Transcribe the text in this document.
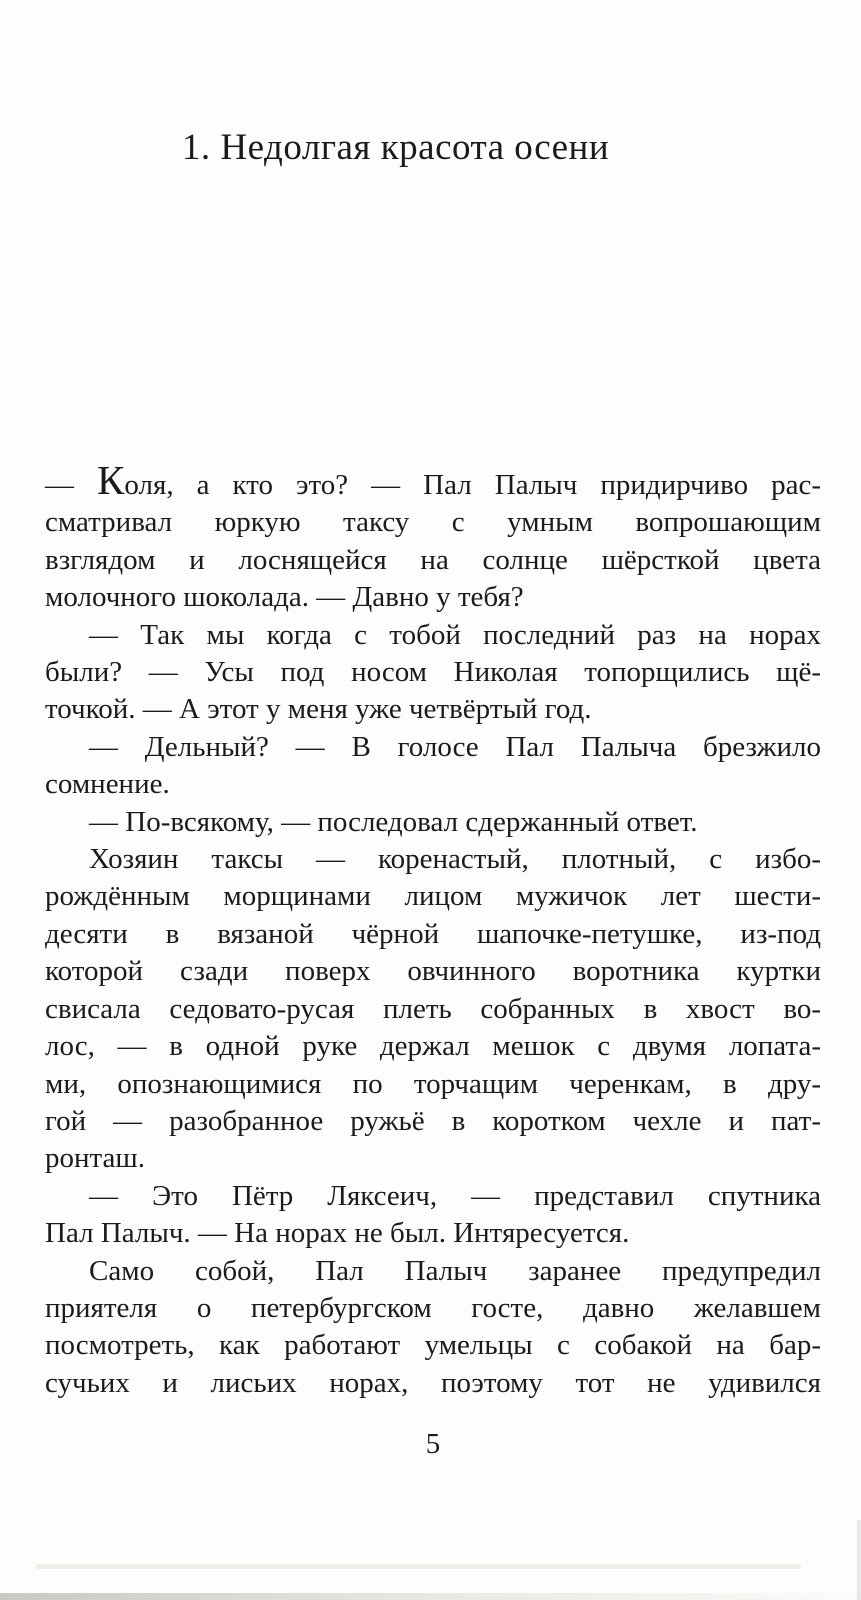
1. Недолгая красота осени
— Коля, а кто это? — Пал Палыч придирчиво рас-
сматривал юркую таксу с умным вопрошающим
взглядом и лоснящейся на солнце шёрсткой цвета
молочного шоколада. — Давно у тебя?
— Так мы когда с тобой последний раз на норах
были? — Усы под носом Николая топорщились щё-
точкой. — А этот у меня уже четвёртый год.
— Дельный? — В голосе Пал Палыча брезжило
сомнение.
— По-всякому, — последовал сдержанный ответ.
Хозяин таксы — коренастый, плотный, с избо-
рождённым морщинами лицом мужичок лет шести-
десяти в вязаной чёрной шапочке-петушке, из-под
которой сзади поверх овчинного воротника куртки
свисала седовато-русая плеть собранных в хвост во-
лос, — в одной руке держал мешок с двумя лопата-
ми, опознающимися по торчащим черенкам, в дру-
гой — разобранное ружьё в коротком чехле и пат-
ронташ.
— Это Пётр Ляксеич, — представил спутника
Пал Палыч. — На норах не был. Интяресуется.
Само собой, Пал Палыч заранее предупредил
приятеля о петербургском госте, давно желавшем
посмотреть, как работают умельцы с собакой на бар-
сучьих и лисьих норах, поэтому тот не удивился
5
